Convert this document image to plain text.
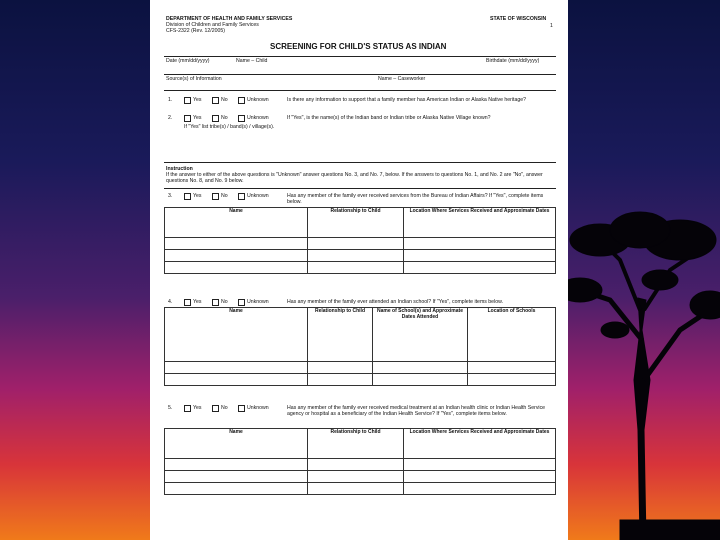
DEPARTMENT OF HEALTH AND FAMILY SERVICES
Division of Children and Family Services
CFS-2322 (Rev. 12/2005)
STATE OF WISCONSIN
1
SCREENING FOR CHILD'S STATUS AS INDIAN
Date (mm/dd/yyyy)	Name – Child	Birthdate (mm/dd/yyyy)
Source(s) of Information	Name – Caseworker
1.	Yes	No	Unknown	Is there any information to support that a family member has American Indian or Alaska Native heritage?
2.	Yes	No	Unknown	If "Yes", is the name(s) of the Indian band or Indian tribe or Alaska Native Village known?
If "Yes" list tribe(s) / band(s) / village(s).
Instruction
If the answer to either of the above questions is "Unknown" answer questions No. 3, and No. 7, below. If the answers to questions No. 1, and No. 2 are "No", answer questions No. 8, and No. 9 below.
3.	Yes	No	Unknown	Has any member of the family ever received services from the Bureau of Indian Affairs? If "Yes", complete items below.
Name	Relationship to Child	Location Where Services Received and Approximate Dates

4.	Yes	No	Unknown	Has any member of the family ever attended an Indian school? If "Yes", complete items below.
Name	Relationship to Child	Name of School(s) and Approximate Dates Attended	Location of Schools

5.	Yes	No	Unknown	Has any member of the family ever received medical treatment at an Indian health clinic or Indian Health Service agency or hospital as a beneficiary of the Indian Health Service? If "Yes", complete items below.
Name	Relationship to Child	Location Where Services Received and Approximate Dates
